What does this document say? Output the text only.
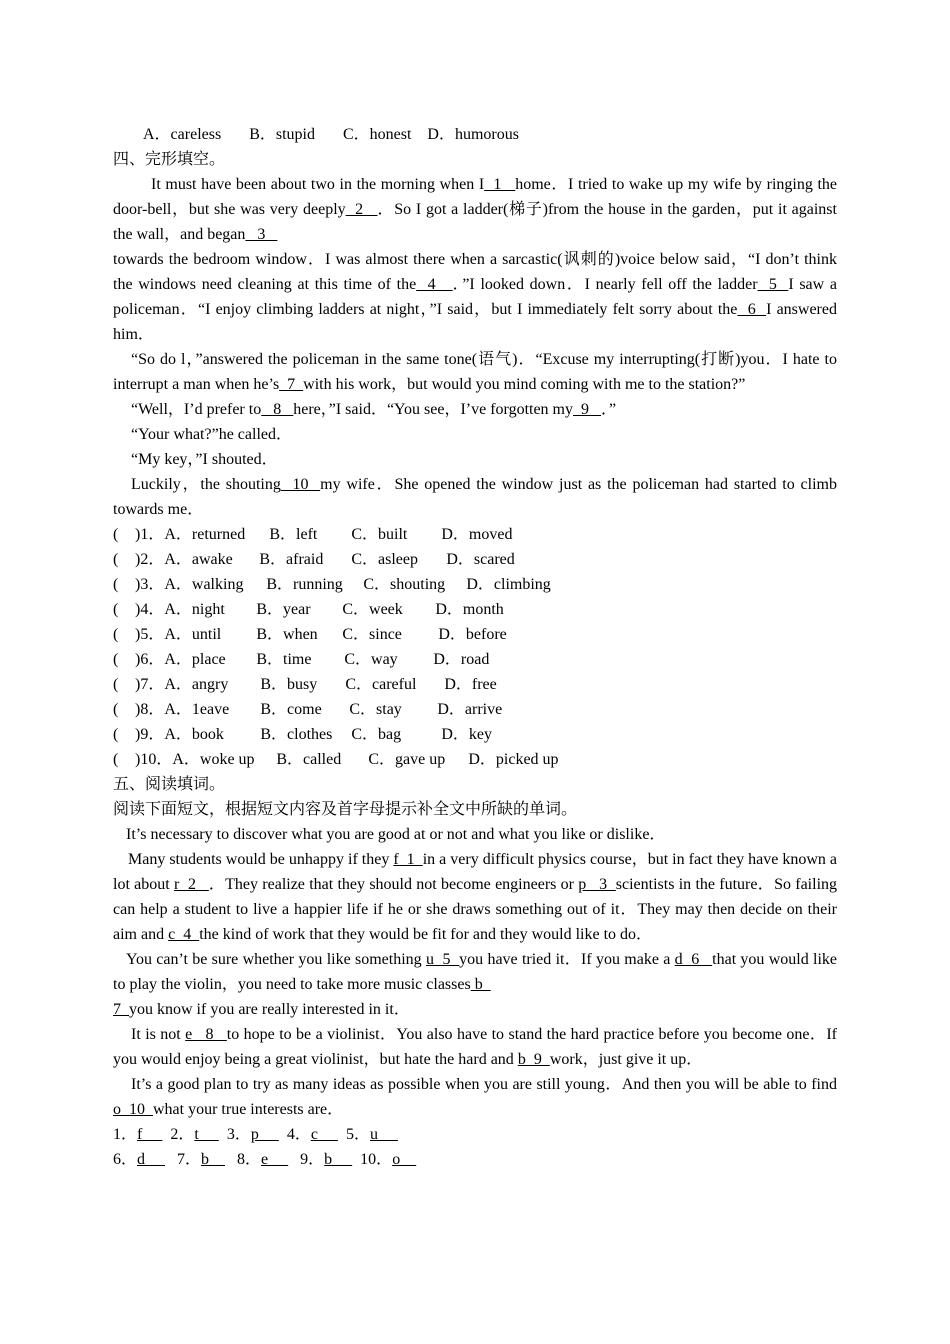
A．careless       B．stupid       C．honest    D．humorous
四、完形填空。
It must have been about two in the morning when I  1   home．I tried to wake up my wife by ringing the door-bell，but she was very deeply  2   ．So I got a ladder(梯子)from the house in the garden，put it against the wall，and began   3
towards the bedroom window．I was almost there when a sarcastic(讽刺的)voice below said，“I don’t think the windows need cleaning at this time of the  4   ．”I looked down．I nearly fell off the ladder  5  I saw a policeman．“I enjoy climbing ladders at night，”I said，but I immediately felt sorry about the  6  I answered him．
“So do l，”answered the policeman in the same tone(语气)．“Excuse my interrupting(打断)you．I hate to interrupt a man when he’s  7  with his work，but would you mind coming with me to the station?”
“Well，I’d prefer to   8   here，”I said．“You see，I’ve forgotten my  9   ．”
“Your what?”he called．
“My key，”I shouted．
Luckily，the shouting  10  my wife．She opened the window just as the policeman had started to climb towards me．
( )1．A．returned B．left C．built D．moved
( )2．A．awake B．afraid C．asleep D．scared
( )3．A．walking B．running C．shouting D．climbing
( )4．A．night B．year C．week D．month
( )5．A．until B．when C．since D．before
( )6．A．place B．time C．way D．road
( )7．A．angry B．busy C．careful D．free
( )8．A．1eave B．come C．stay D．arrive
( )9．A．book B．clothes C．bag	D．key
( )10．A．woke up B．called C．gave up D．picked up
五、阅读填词。
阅读下面短文，根据短文内容及首字母提示补全文中所缺的单词。
It’s necessary to discover what you are good at or not and what you like or dislike．
Many students would be unhappy if they f  1  in a very difficult physics course，but in fact they have known a lot about r  2   ．They realize that they should not become engineers or p   3  scientists in the future．So failing can help a student to live a happier life if he or she draws something out of it．They may then decide on their aim and c  4  the kind of work that they would be fit for and they would like to do．
You can’t be sure whether you like something u  5  you have tried it．If you make a d  6   that you would like to play the violin，you need to take more music classes b
7  you know if you are really interested in it．
It is not e   8   to hope to be a violinist．You also have to stand the hard practice before you become one．If you would enjoy being a great violinist，but hate the hard and b  9  work，just give it up．
It’s a good plan to try as many ideas as possible when you are still young．And then you will be able to find o  10  what your true interests are．
1．f       2．t       3．p       4．c       5．u
6．d        7．b       8．e        9．b       10．o
